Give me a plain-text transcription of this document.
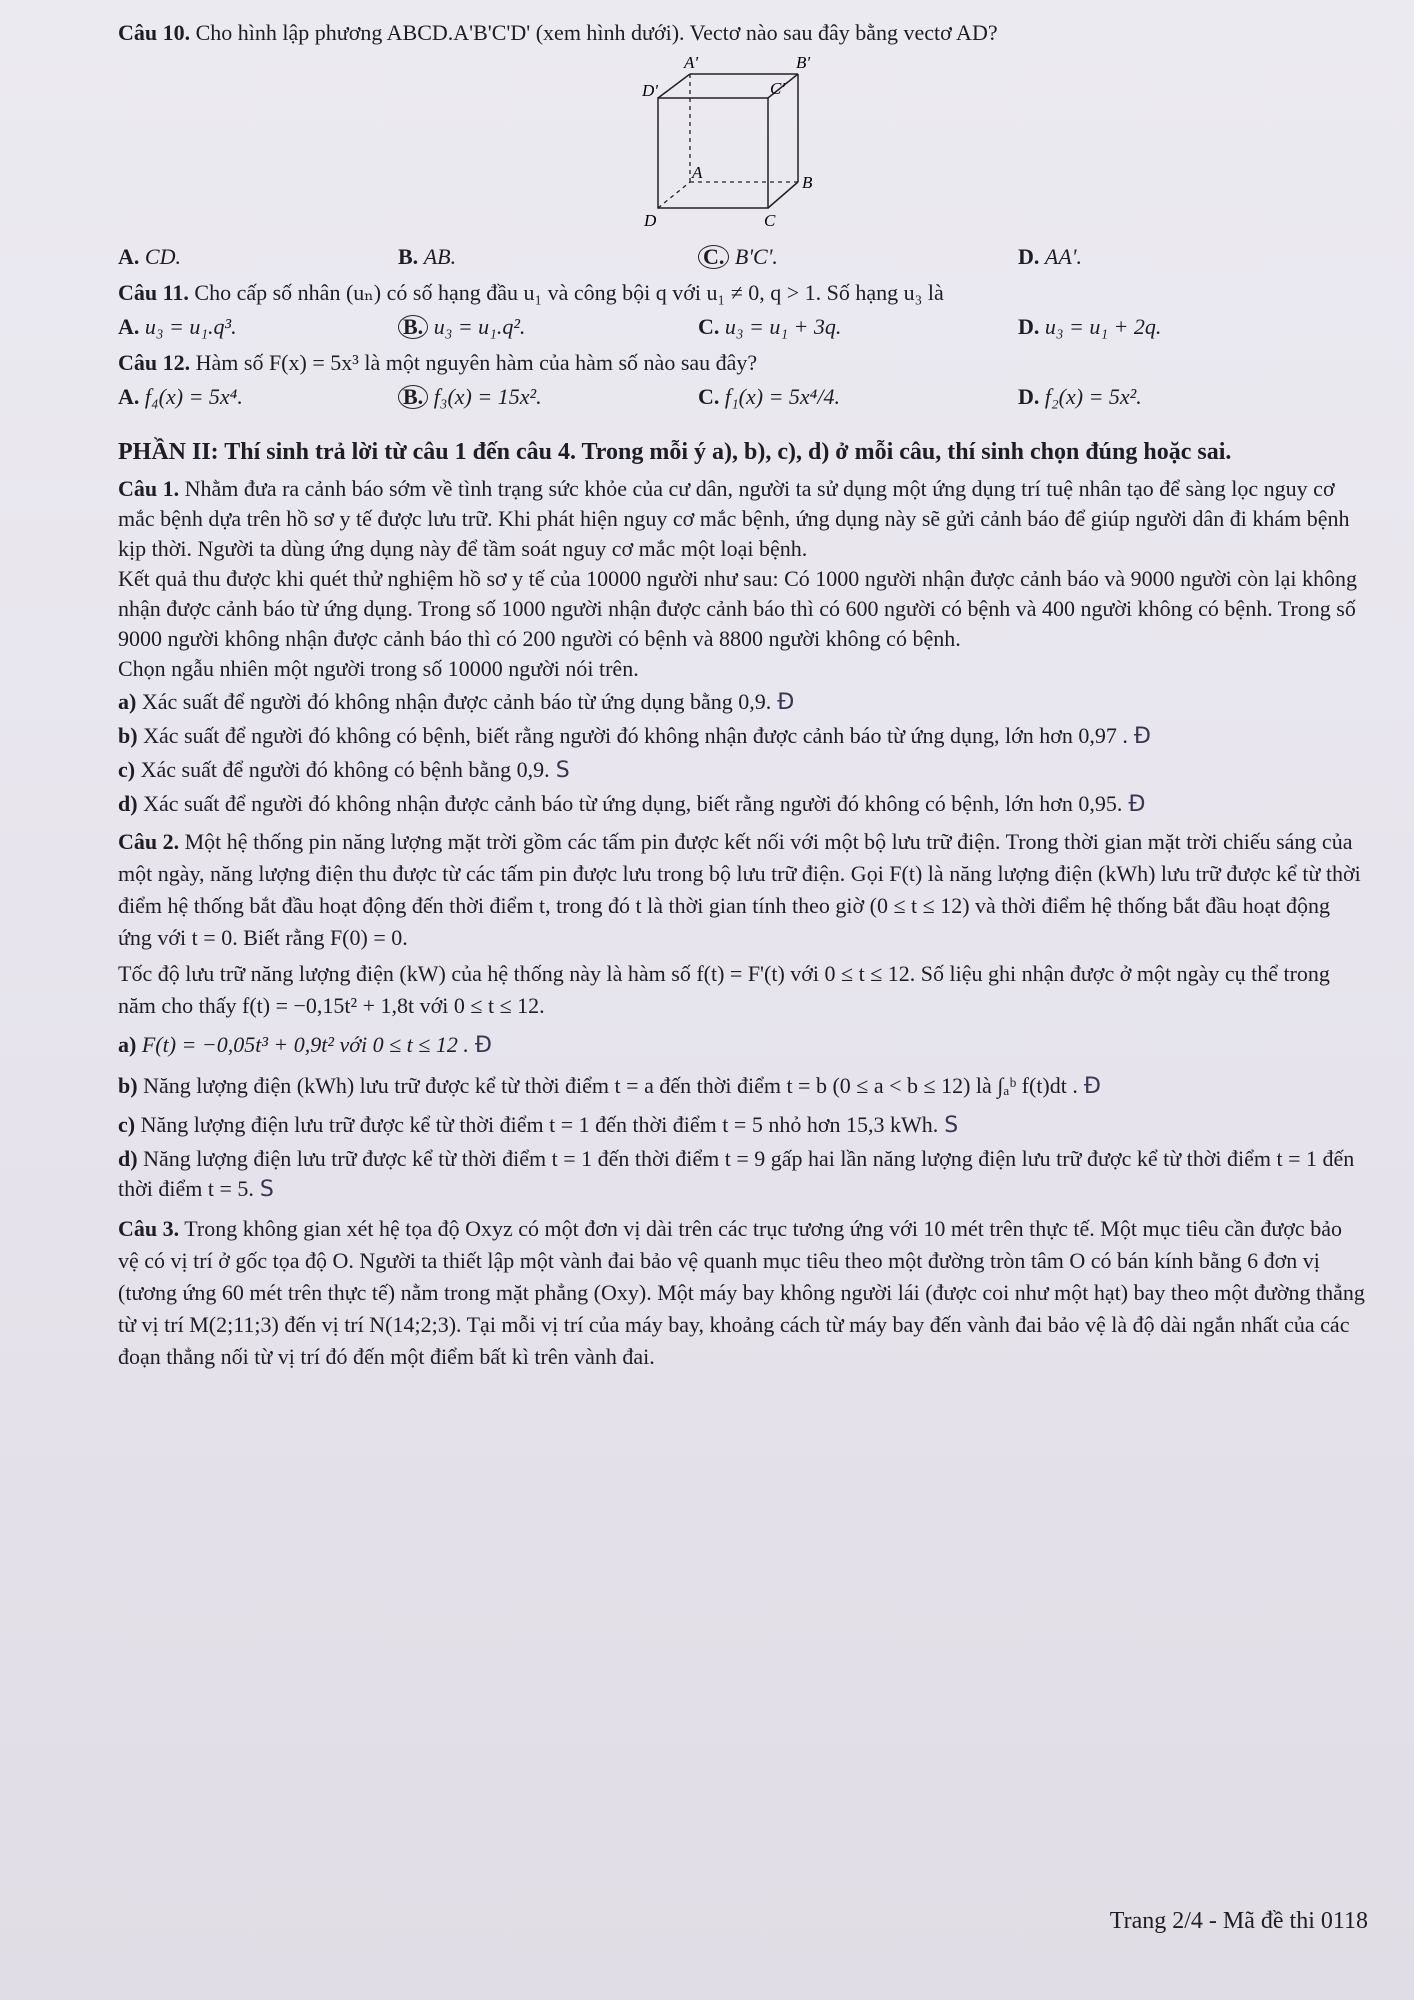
Câu 10. Cho hình lập phương ABCD.A'B'C'D' (xem hình dưới). Vectơ nào sau đây bằng vectơ AD?

A'	B'
D'	C'
A
B
D	C
A. CD.	B. AB.	C. B'C'.	D. AA'.

Câu 11. Cho cấp số nhân (uₙ) có số hạng đầu u₁ và công bội q với u₁ ≠ 0, q > 1. Số hạng u₃ là

A. u₃ = u₁.q³.	B. u₃ = u₁.q².	C. u₃ = u₁ + 3q.	D. u₃ = u₁ + 2q.

Câu 12. Hàm số F(x) = 5x³ là một nguyên hàm của hàm số nào sau đây?

A. f₄(x) = 5x⁴.	B. f₃(x) = 15x².	C. f₁(x) = 5x⁴/4.	D. f₂(x) = 5x².

PHẦN II: Thí sinh trả lời từ câu 1 đến câu 4. Trong mỗi ý a), b), c), d) ở mỗi câu, thí sinh chọn đúng hoặc sai.

Câu 1. Nhằm đưa ra cảnh báo sớm về tình trạng sức khỏe của cư dân, người ta sử dụng một ứng dụng trí tuệ nhân tạo để sàng lọc nguy cơ mắc bệnh dựa trên hồ sơ y tế được lưu trữ. Khi phát hiện nguy cơ mắc bệnh, ứng dụng này sẽ gửi cảnh báo để giúp người dân đi khám bệnh kịp thời. Người ta dùng ứng dụng này để tầm soát nguy cơ mắc một loại bệnh.

Kết quả thu được khi quét thử nghiệm hồ sơ y tế của 10000 người như sau: Có 1000 người nhận được cảnh báo và 9000 người còn lại không nhận được cảnh báo từ ứng dụng. Trong số 1000 người nhận được cảnh báo thì có 600 người có bệnh và 400 người không có bệnh. Trong số 9000 người không nhận được cảnh báo thì có 200 người có bệnh và 8800 người không có bệnh.

Chọn ngẫu nhiên một người trong số 10000 người nói trên.

a) Xác suất để người đó không nhận được cảnh báo từ ứng dụng bằng 0,9. Đ
b) Xác suất để người đó không có bệnh, biết rằng người đó không nhận được cảnh báo từ ứng dụng, lớn hơn 0,97 . Đ
c) Xác suất để người đó không có bệnh bằng 0,9. S
d) Xác suất để người đó không nhận được cảnh báo từ ứng dụng, biết rằng người đó không có bệnh, lớn hơn 0,95. Đ

Câu 2. Một hệ thống pin năng lượng mặt trời gồm các tấm pin được kết nối với một bộ lưu trữ điện. Trong thời gian mặt trời chiếu sáng của một ngày, năng lượng điện thu được từ các tấm pin được lưu trong bộ lưu trữ điện. Gọi F(t) là năng lượng điện (kWh) lưu trữ được kể từ thời điểm hệ thống bắt đầu hoạt động đến thời điểm t, trong đó t là thời gian tính theo giờ (0 ≤ t ≤ 12) và thời điểm hệ thống bắt đầu hoạt động ứng với t = 0. Biết rằng F(0) = 0.

Tốc độ lưu trữ năng lượng điện (kW) của hệ thống này là hàm số f(t) = F'(t) với 0 ≤ t ≤ 12. Số liệu ghi nhận được ở một ngày cụ thể trong năm cho thấy f(t) = −0,15t² + 1,8t với 0 ≤ t ≤ 12.

a) F(t) = −0,05t³ + 0,9t² với 0 ≤ t ≤ 12 . Đ
b) Năng lượng điện (kWh) lưu trữ được kể từ thời điểm t = a đến thời điểm t = b (0 ≤ a < b ≤ 12) là ∫ₐᵇ f(t)dt . Đ
c) Năng lượng điện lưu trữ được kể từ thời điểm t = 1 đến thời điểm t = 5 nhỏ hơn 15,3 kWh. S
d) Năng lượng điện lưu trữ được kể từ thời điểm t = 1 đến thời điểm t = 9 gấp hai lần năng lượng điện lưu trữ được kể từ thời điểm t = 1 đến thời điểm t = 5. S

Câu 3. Trong không gian xét hệ tọa độ Oxyz có một đơn vị dài trên các trục tương ứng với 10 mét trên thực tế. Một mục tiêu cần được bảo vệ có vị trí ở gốc tọa độ O. Người ta thiết lập một vành đai bảo vệ quanh mục tiêu theo một đường tròn tâm O có bán kính bằng 6 đơn vị (tương ứng 60 mét trên thực tế) nằm trong mặt phẳng (Oxy). Một máy bay không người lái (được coi như một hạt) bay theo một đường thẳng từ vị trí M(2;11;3) đến vị trí N(14;2;3). Tại mỗi vị trí của máy bay, khoảng cách từ máy bay đến vành đai bảo vệ là độ dài ngắn nhất của các đoạn thẳng nối từ vị trí đó đến một điểm bất kì trên vành đai.

Trang 2/4 - Mã đề thi 0118
